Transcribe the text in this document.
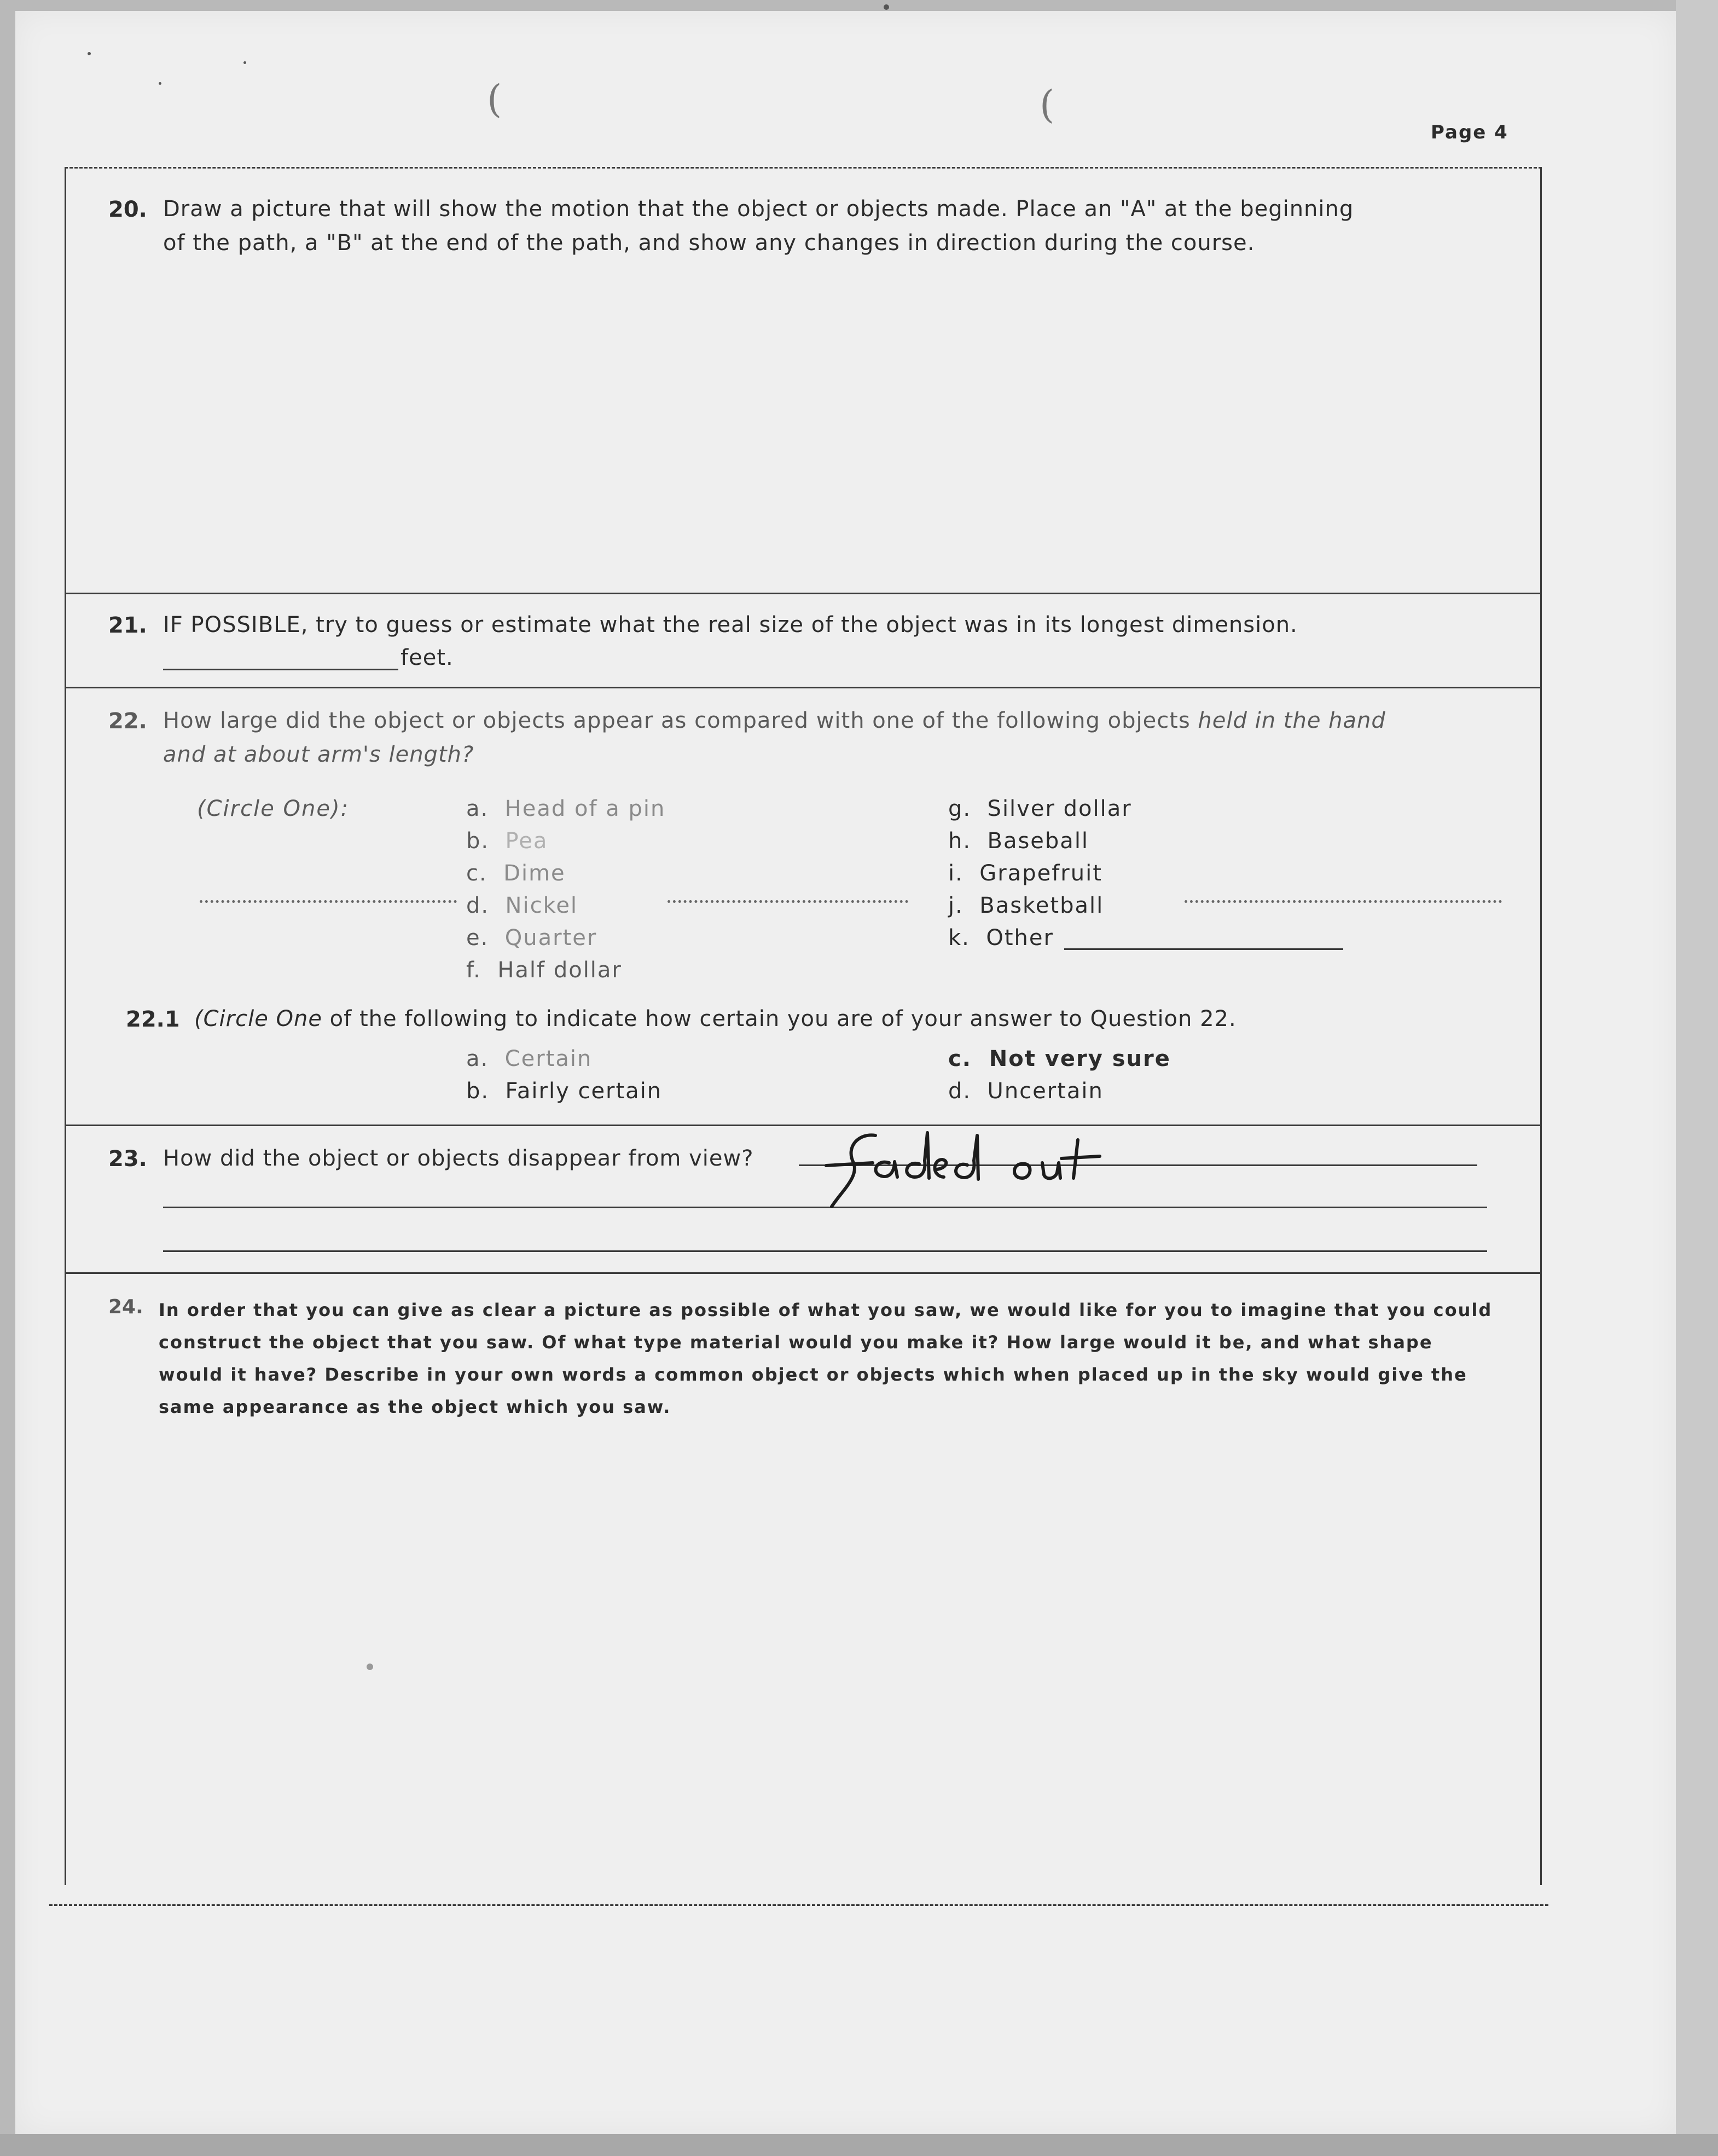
(	(
Page 4
20. Draw a picture that will show the motion that the object or objects made. Place an "A" at the beginning
of the path, a "B" at the end of the path, and show any changes in direction during the course.
21. IF POSSIBLE, try to guess or estimate what the real size of the object was in its longest dimension.
feet.
22. How large did the object or objects appear as compared with one of the following objects held in the hand
and at about arm's length?
(Circle One):	a. Head of a pin
b. Pea
c. Dime
d. Nickel
e. Quarter
f. Half dollar
g. Silver dollar
h. Baseball
i. Grapefruit
j. Basketball
k. Other
22.1 (Circle One of the following to indicate how certain you are of your answer to Question 22.
a. Certain
b. Fairly certain
c. Not very sure
d. Uncertain
23. How did the object or objects disappear from view?
24. In order that you can give as clear a picture as possible of what you saw, we would like for you to imagine that you could
construct the object that you saw. Of what type material would you make it? How large would it be, and what shape
would it have? Describe in your own words a common object or objects which when placed up in the sky would give the
same appearance as the object which you saw.
